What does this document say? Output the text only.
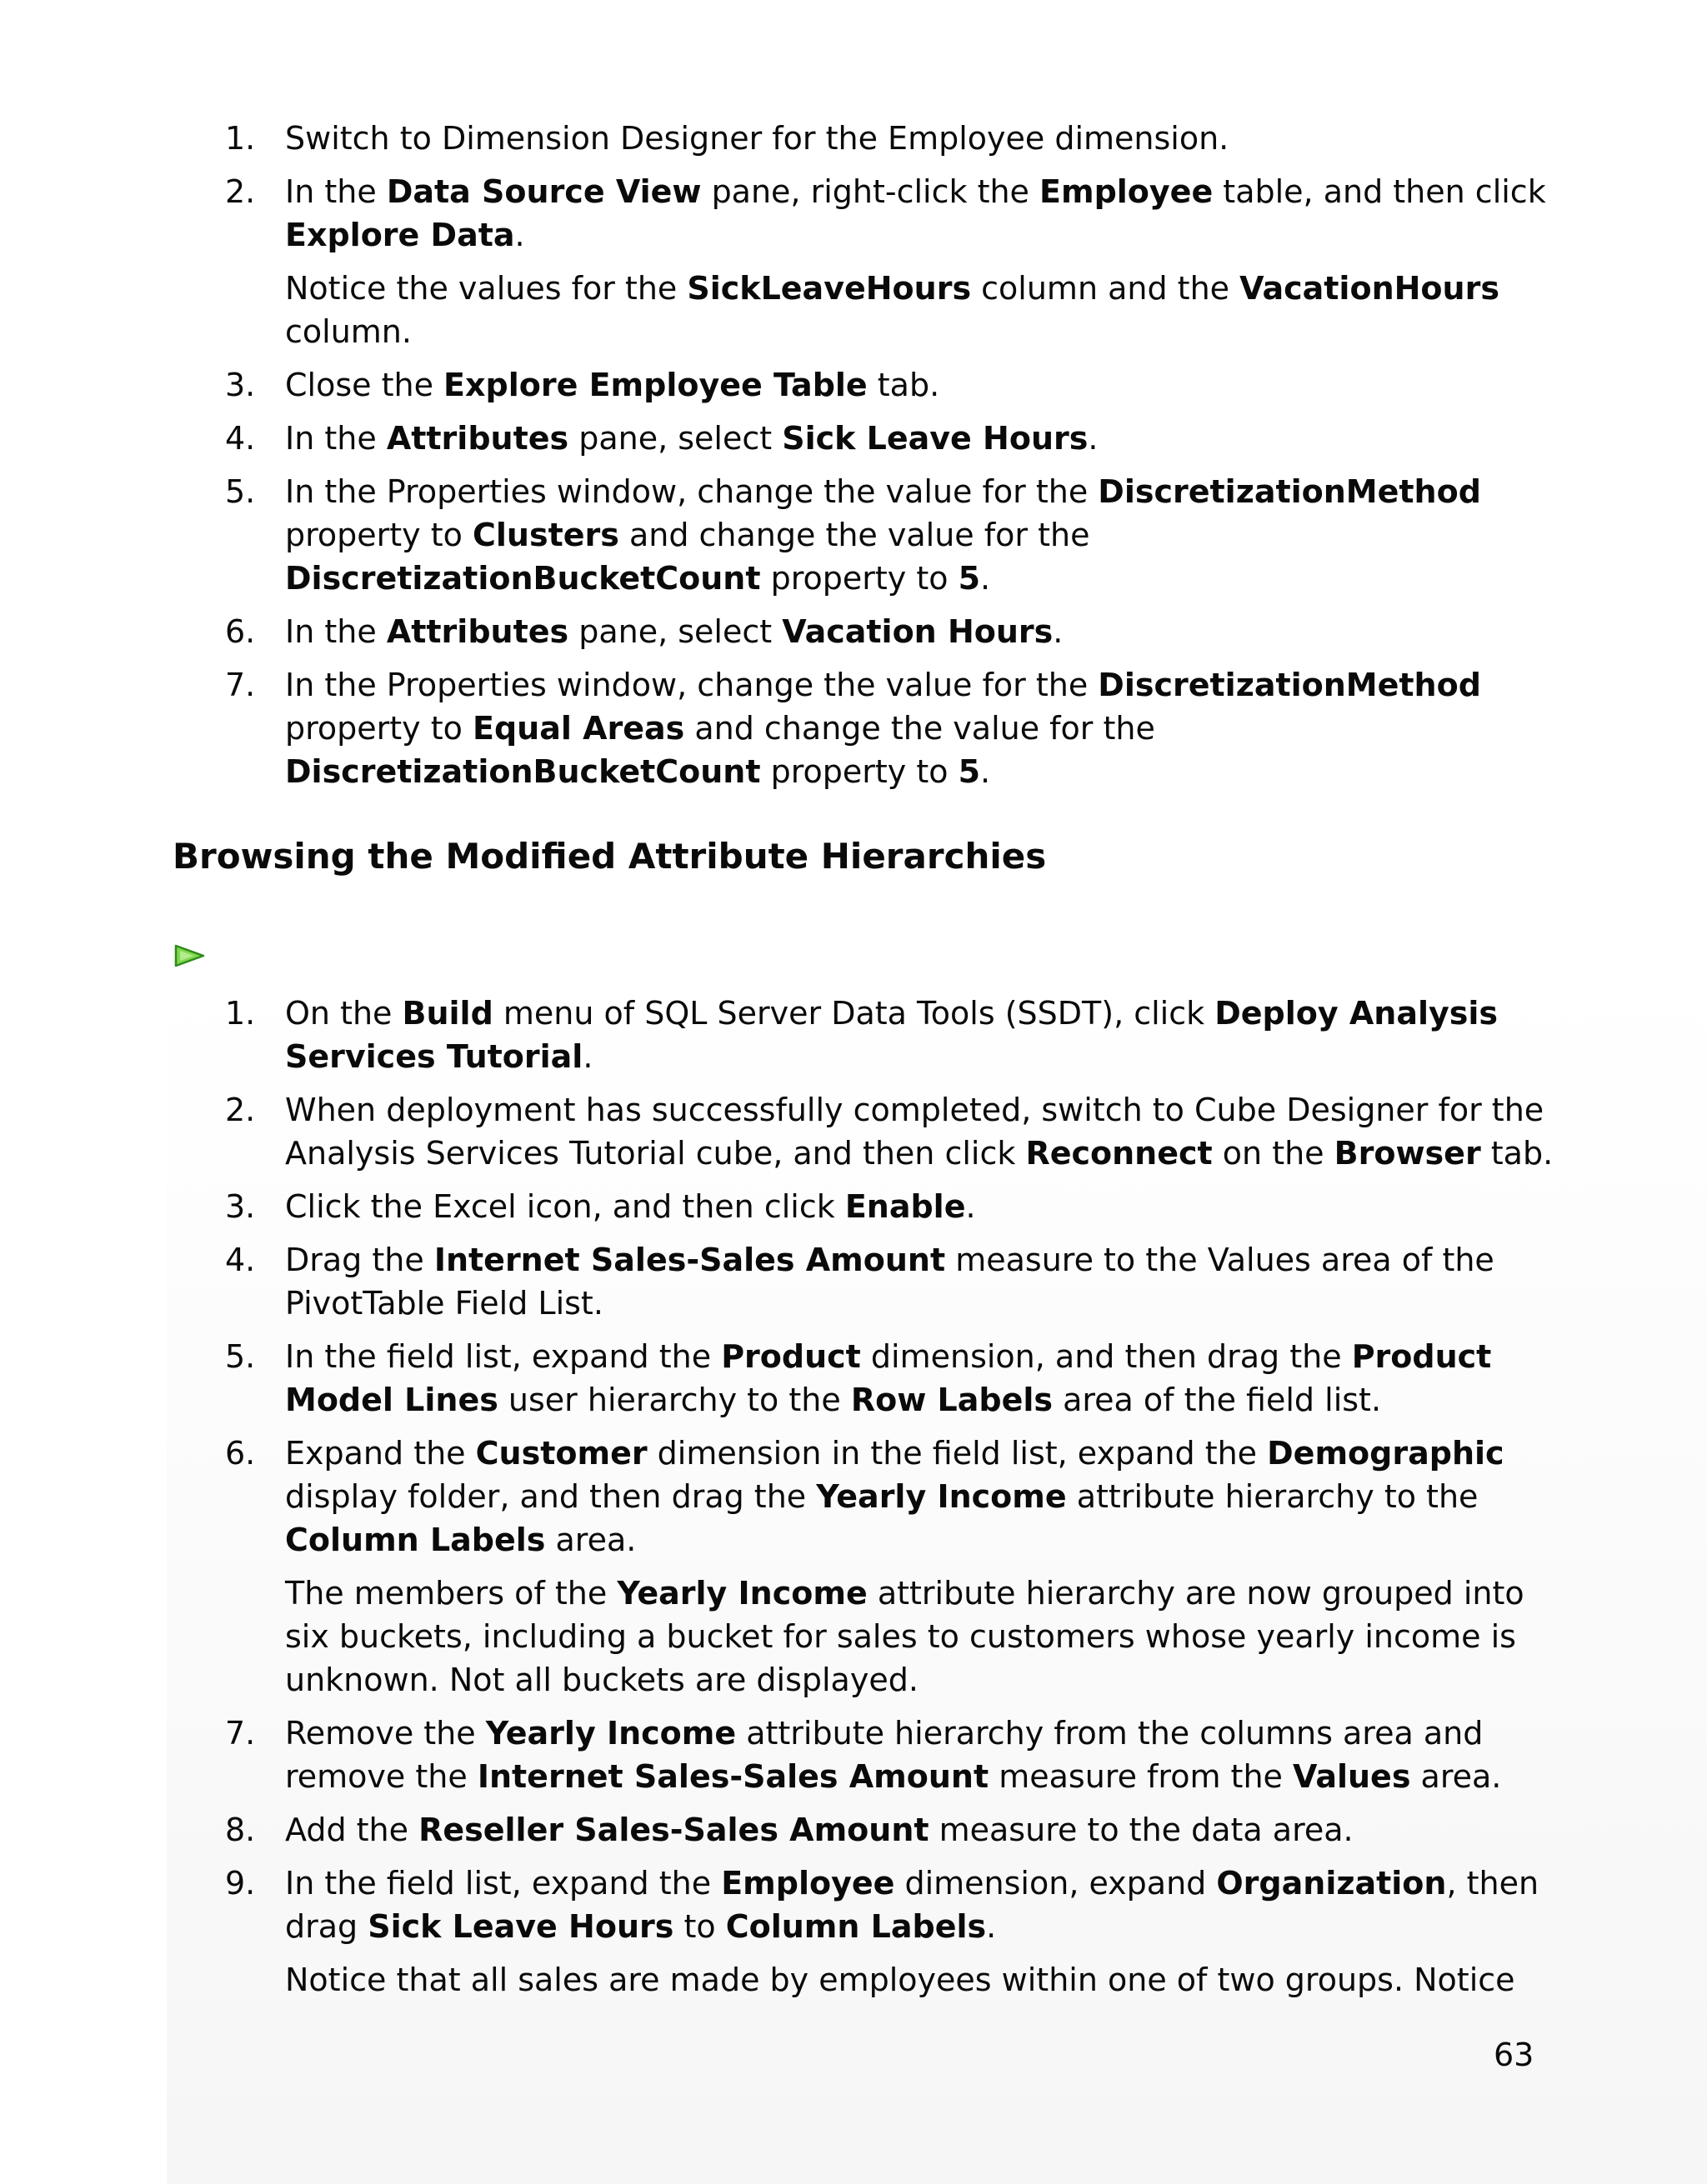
1. Switch to Dimension Designer for the Employee dimension.

2. In the Data Source View pane, right-click the Employee table, and then click Explore Data.

Notice the values for the SickLeaveHours column and the VacationHours column.

3. Close the Explore Employee Table tab.

4. In the Attributes pane, select Sick Leave Hours.

5. In the Properties window, change the value for the DiscretizationMethod property to Clusters and change the value for the DiscretizationBucketCount property to 5.

6. In the Attributes pane, select Vacation Hours.

7. In the Properties window, change the value for the DiscretizationMethod property to Equal Areas and change the value for the DiscretizationBucketCount property to 5.

Browsing the Modified Attribute Hierarchies
1. On the Build menu of SQL Server Data Tools (SSDT), click Deploy Analysis Services Tutorial.

2. When deployment has successfully completed, switch to Cube Designer for the Analysis Services Tutorial cube, and then click Reconnect on the Browser tab.

3. Click the Excel icon, and then click Enable.

4. Drag the Internet Sales-Sales Amount measure to the Values area of the PivotTable Field List.

5. In the field list, expand the Product dimension, and then drag the Product Model Lines user hierarchy to the Row Labels area of the field list.

6. Expand the Customer dimension in the field list, expand the Demographic display folder, and then drag the Yearly Income attribute hierarchy to the Column Labels area.

The members of the Yearly Income attribute hierarchy are now grouped into six buckets, including a bucket for sales to customers whose yearly income is unknown. Not all buckets are displayed.

7. Remove the Yearly Income attribute hierarchy from the columns area and remove the Internet Sales-Sales Amount measure from the Values area.

8. Add the Reseller Sales-Sales Amount measure to the data area.

9. In the field list, expand the Employee dimension, expand Organization, then drag Sick Leave Hours to Column Labels.

Notice that all sales are made by employees within one of two groups. Notice

63
